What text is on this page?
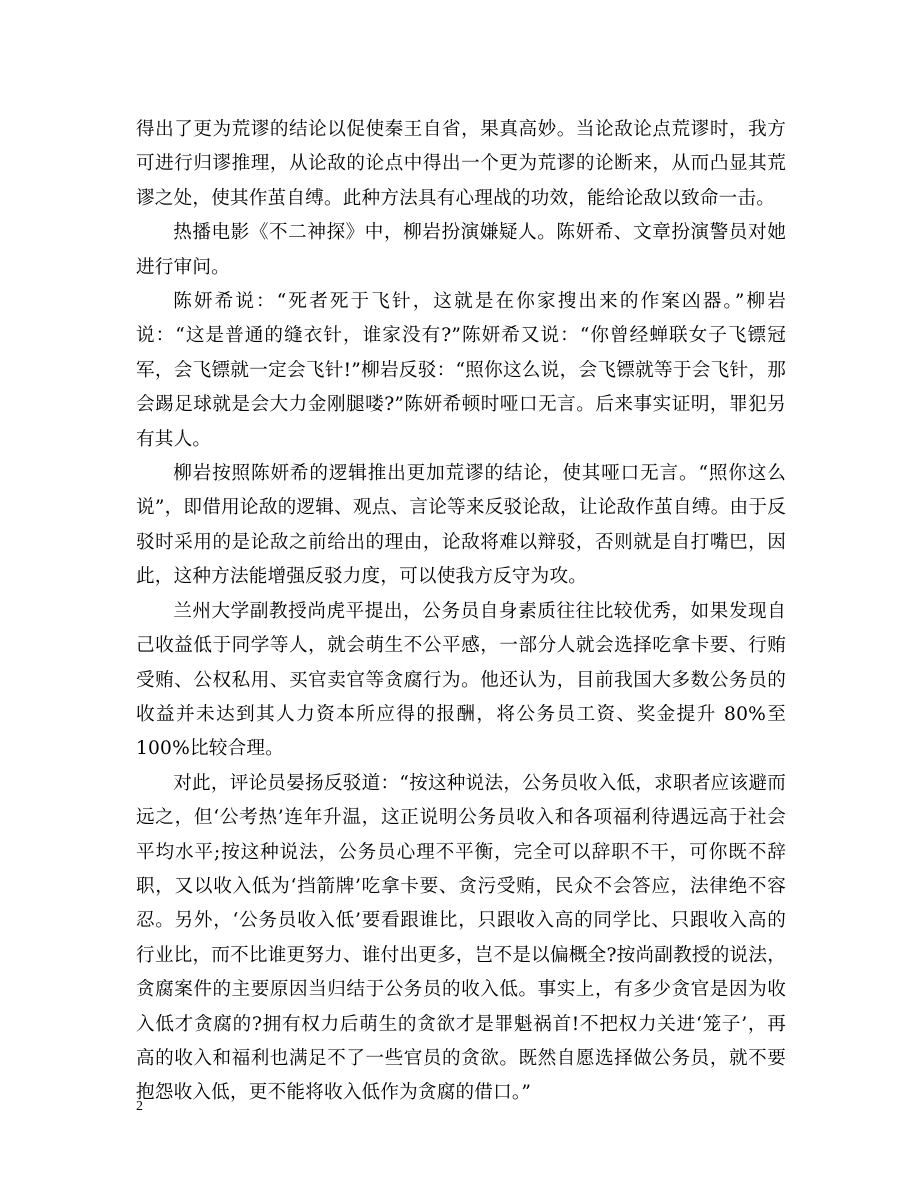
得出了更为荒谬的结论以促使秦王自省，果真高妙。当论敌论点荒谬时，我方可进行归谬推理，从论敌的论点中得出一个更为荒谬的论断来，从而凸显其荒谬之处，使其作茧自缚。此种方法具有心理战的功效，能给论敌以致命一击。

热播电影《不二神探》中，柳岩扮演嫌疑人。陈妍希、文章扮演警员对她进行审问。

陈妍希说：“死者死于飞针，这就是在你家搜出来的作案凶器。”柳岩说：“这是普通的缝衣针，谁家没有?”陈妍希又说：“你曾经蝉联女子飞镖冠军，会飞镖就一定会飞针!”柳岩反驳：“照你这么说，会飞镖就等于会飞针，那会踢足球就是会大力金刚腿喽?”陈妍希顿时哑口无言。后来事实证明，罪犯另有其人。

柳岩按照陈妍希的逻辑推出更加荒谬的结论，使其哑口无言。“照你这么说”，即借用论敌的逻辑、观点、言论等来反驳论敌，让论敌作茧自缚。由于反驳时采用的是论敌之前给出的理由，论敌将难以辩驳，否则就是自打嘴巴，因此，这种方法能增强反驳力度，可以使我方反守为攻。

兰州大学副教授尚虎平提出，公务员自身素质往往比较优秀，如果发现自己收益低于同学等人，就会萌生不公平感，一部分人就会选择吃拿卡要、行贿受贿、公权私用、买官卖官等贪腐行为。他还认为，目前我国大多数公务员的收益并未达到其人力资本所应得的报酬，将公务员工资、奖金提升 80%至 100%比较合理。

对此，评论员晏扬反驳道：“按这种说法，公务员收入低，求职者应该避而远之，但‘公考热’连年升温，这正说明公务员收入和各项福利待遇远高于社会平均水平;按这种说法，公务员心理不平衡，完全可以辞职不干，可你既不辞职，又以收入低为‘挡箭牌’吃拿卡要、贪污受贿，民众不会答应，法律绝不容忍。另外，‘公务员收入低’要看跟谁比，只跟收入高的同学比、只跟收入高的行业比，而不比谁更努力、谁付出更多，岂不是以偏概全?按尚副教授的说法，贪腐案件的主要原因当归结于公务员的收入低。事实上，有多少贪官是因为收入低才贪腐的?拥有权力后萌生的贪欲才是罪魁祸首!不把权力关进‘笼子’，再高的收入和福利也满足不了一些官员的贪欲。既然自愿选择做公务员，就不要抱怨收入低，更不能将收入低作为贪腐的借口。”

2
